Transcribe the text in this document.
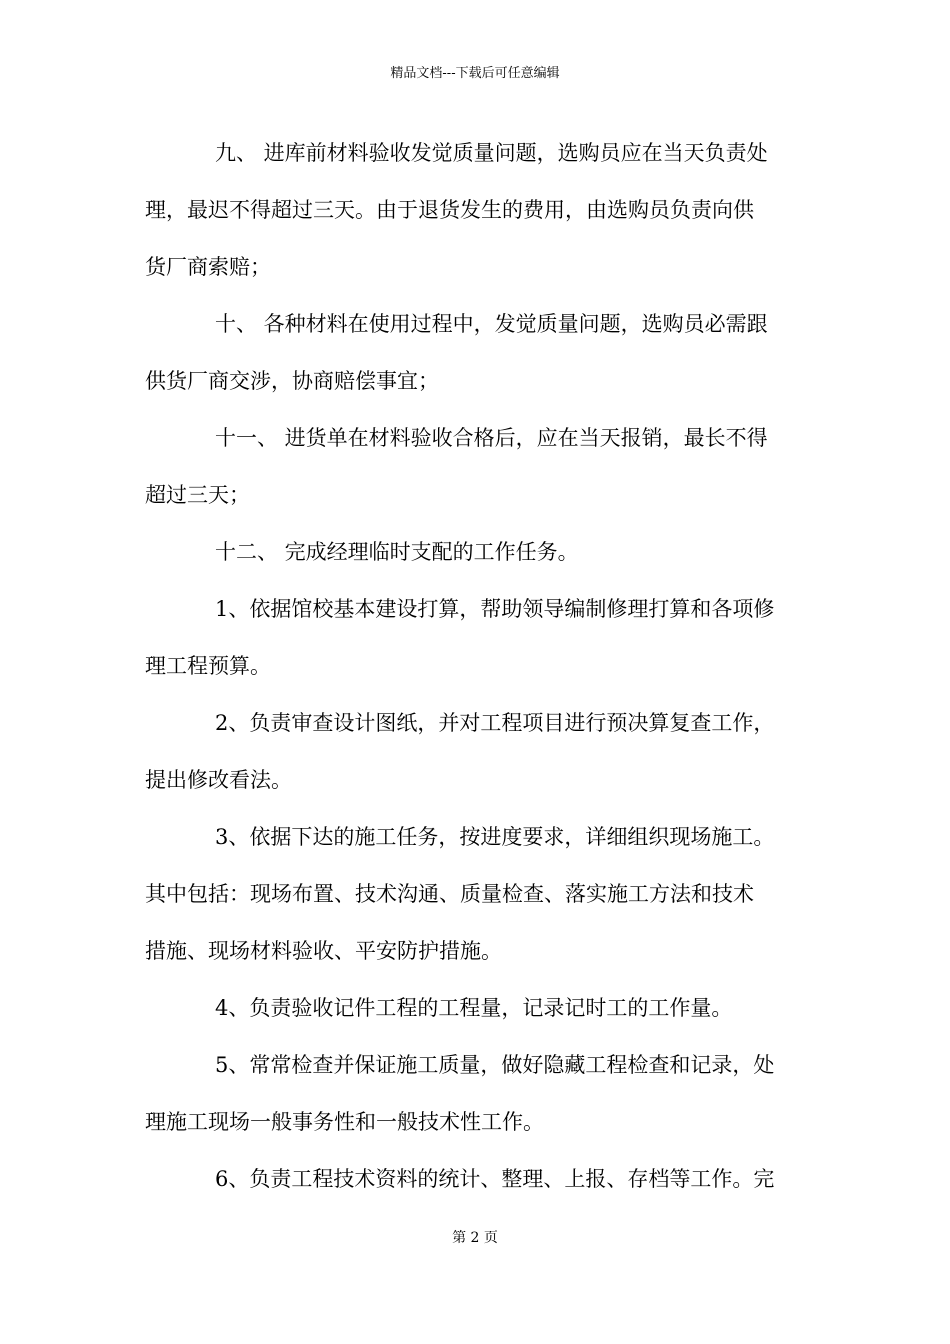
精品文档---下载后可任意编辑
九、 进库前材料验收发觉质量问题，选购员应在当天负责处
理，最迟不得超过三天。由于退货发生的费用，由选购员负责向供
货厂商索赔；
十、 各种材料在使用过程中，发觉质量问题，选购员必需跟
供货厂商交涉，协商赔偿事宜；
十一、 进货单在材料验收合格后，应在当天报销，最长不得
超过三天；
十二、 完成经理临时支配的工作任务。
1、依据馆校基本建设打算，帮助领导编制修理打算和各项修
理工程预算。
2、负责审查设计图纸，并对工程项目进行预决算复查工作，
提出修改看法。
3、依据下达的施工任务，按进度要求，详细组织现场施工。
其中包括：现场布置、技术沟通、质量检查、落实施工方法和技术
措施、现场材料验收、平安防护措施。
4、负责验收记件工程的工程量，记录记时工的工作量。
5、常常检查并保证施工质量，做好隐藏工程检查和记录，处
理施工现场一般事务性和一般技术性工作。
6、负责工程技术资料的统计、整理、上报、存档等工作。完
第 2 页
